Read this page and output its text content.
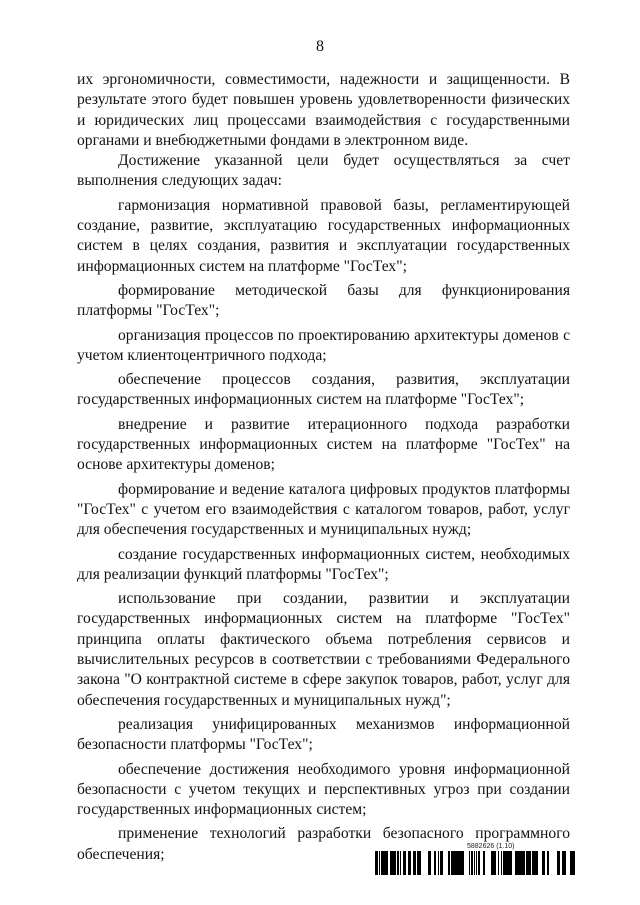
8

их эргономичности, совместимости, надежности и защищенности. В результате этого будет повышен уровень удовлетворенности физических и юридических лиц процессами взаимодействия с государственными органами и внебюджетными фондами в электронном виде.

Достижение указанной цели будет осуществляться за счет выполнения следующих задач:

гармонизация нормативной правовой базы, регламентирующей создание, развитие, эксплуатацию государственных информационных систем в целях создания, развития и эксплуатации государственных информационных систем на платформе "ГосТех";

формирование методической базы для функционирования платформы "ГосТех";

организация процессов по проектированию архитектуры доменов с учетом клиентоцентричного подхода;

обеспечение процессов создания, развития, эксплуатации государственных информационных систем на платформе "ГосТех";

внедрение и развитие итерационного подхода разработки государственных информационных систем на платформе "ГосТех" на основе архитектуры доменов;

формирование и ведение каталога цифровых продуктов платформы "ГосТех" с учетом его взаимодействия с каталогом товаров, работ, услуг для обеспечения государственных и муниципальных нужд;

создание государственных информационных систем, необходимых для реализации функций платформы "ГосТех";

использование при создании, развитии и эксплуатации государственных информационных систем на платформе "ГосТех" принципа оплаты фактического объема потребления сервисов и вычислительных ресурсов в соответствии с требованиями Федерального закона "О контрактной системе в сфере закупок товаров, работ, услуг для обеспечения государственных и муниципальных нужд";

реализация унифицированных механизмов информационной безопасности платформы "ГосТех";

обеспечение достижения необходимого уровня информационной безопасности с учетом текущих и перспективных угроз при создании государственных информационных систем;

применение технологий разработки безопасного программного обеспечения;	5882626 (1.10)
